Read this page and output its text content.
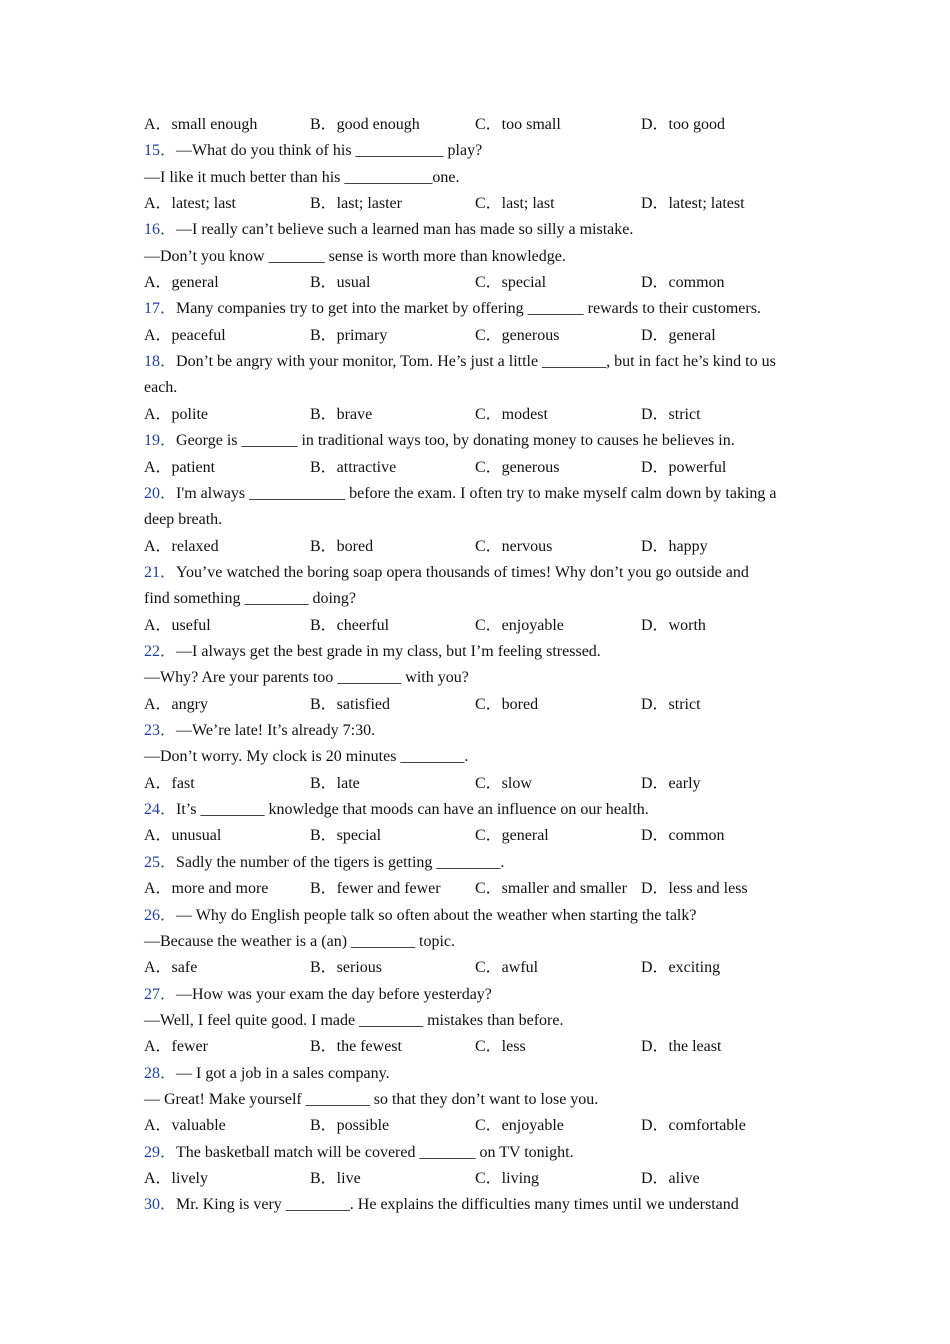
A．small enough	B．good enough	C．too small	D．too good
15．—What do you think of his ___________ play?
—I like it much better than his ___________one.
A．latest; last	B．last; laster	C．last; last	D．latest; latest
16．—I really can’t believe such a learned man has made so silly a mistake.
—Don’t you know _______ sense is worth more than knowledge.
A．general	B．usual	C．special	D．common
17．Many companies try to get into the market by offering _______ rewards to their customers.
A．peaceful	B．primary	C．generous	D．general
18．Don’t be angry with your monitor, Tom. He’s just a little ________, but in fact he’s kind to us
each.
A．polite	B．brave	C．modest	D．strict
19．George is _______ in traditional ways too, by donating money to causes he believes in.
A．patient	B．attractive	C．generous	D．powerful
20．I'm always ____________ before the exam. I often try to make myself calm down by taking a
deep breath.
A．relaxed	B．bored	C．nervous	D．happy
21．You’ve watched the boring soap opera thousands of times! Why don’t you go outside and
find something ________ doing?
A．useful	B．cheerful	C．enjoyable	D．worth
22．—I always get the best grade in my class, but I’m feeling stressed.
—Why? Are your parents too ________ with you?
A．angry	B．satisfied	C．bored	D．strict
23．—We’re late! It’s already 7:30.
—Don’t worry. My clock is 20 minutes ________.
A．fast	B．late	C．slow	D．early
24．It’s ________ knowledge that moods can have an influence on our health.
A．unusual	B．special	C．general	D．common
25．Sadly the number of the tigers is getting ________.
A．more and more	B．fewer and fewer C．smaller and smaller D．less and less
26．— Why do English people talk so often about the weather when starting the talk?
—Because the weather is a (an) ________ topic.
A．safe	B．serious	C．awful	D．exciting
27．—How was your exam the day before yesterday?
—Well, I feel quite good. I made ________ mistakes than before.
A．fewer	B．the fewest	C．less	D．the least
28．— I got a job in a sales company.
— Great! Make yourself ________ so that they don’t want to lose you.
A．valuable	B．possible	C．enjoyable	D．comfortable
29．The basketball match will be covered _______ on TV tonight.
A．lively	B．live	C．living	D．alive
30．Mr. King is very ________. He explains the difficulties many times until we understand
